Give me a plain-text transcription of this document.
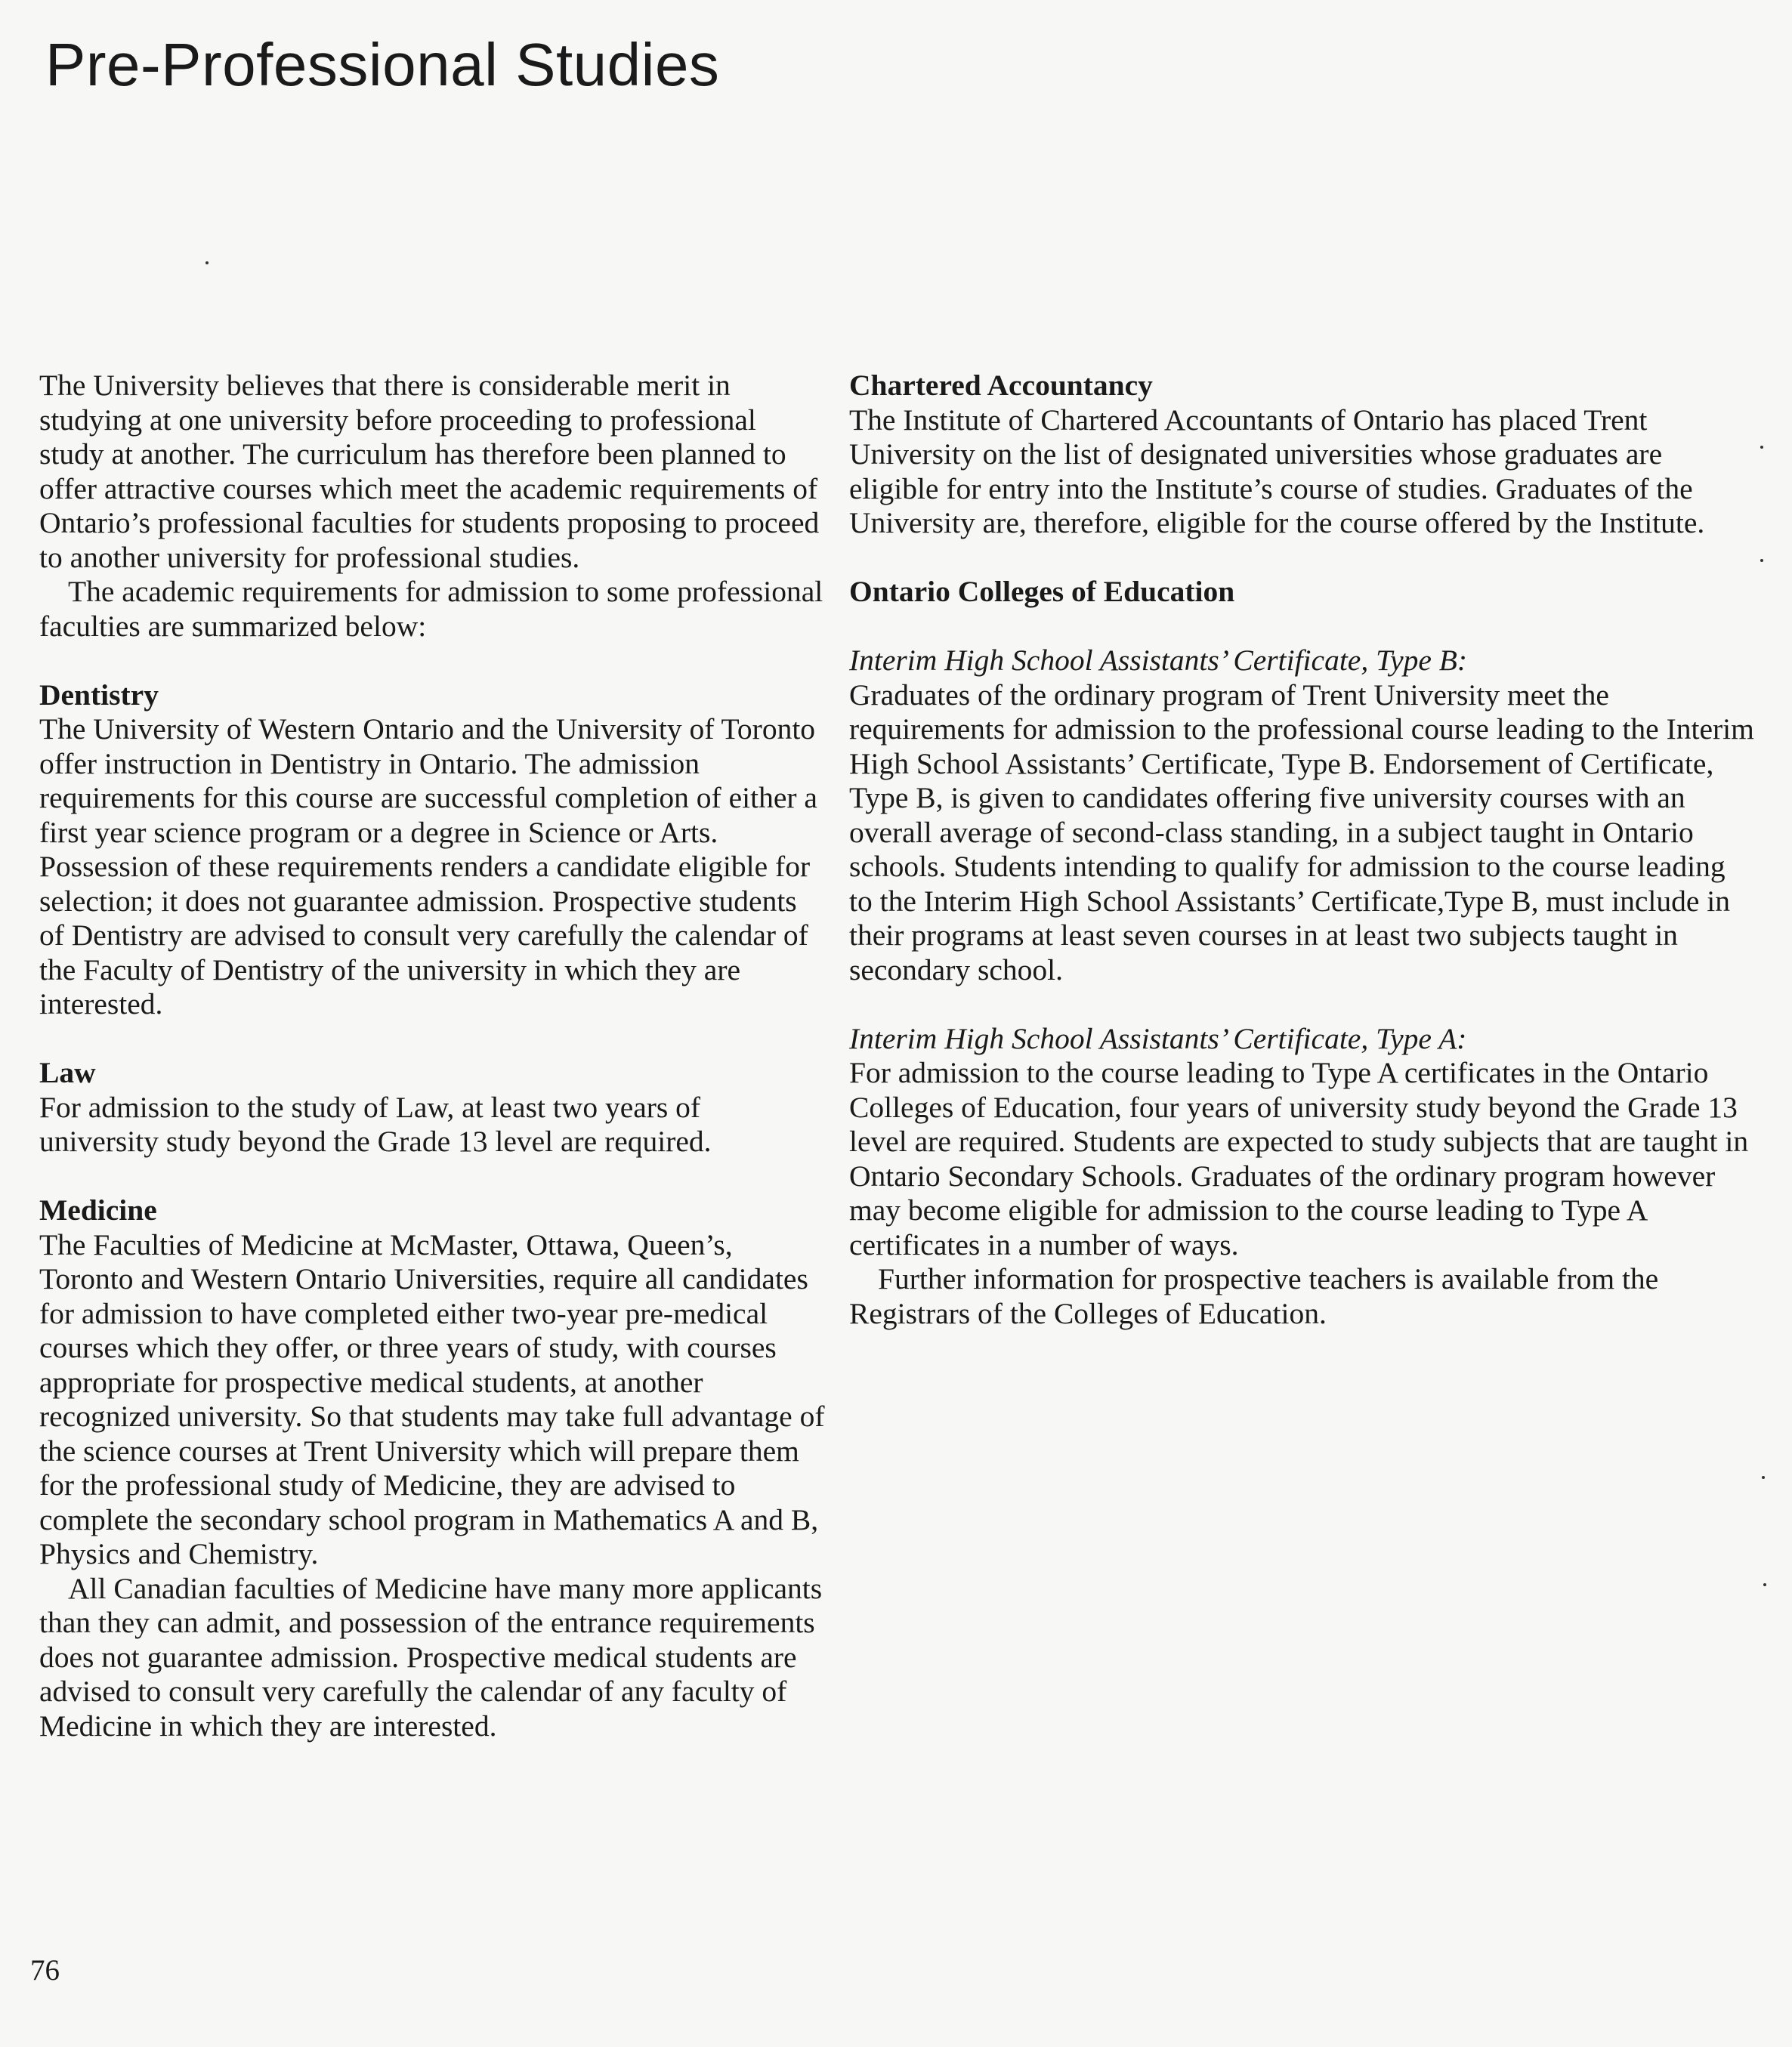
Pre-Professional Studies

The University believes that there is considerable merit in studying at one university before proceeding to professional study at another. The curriculum has therefore been planned to offer attractive courses which meet the academic requirements of Ontario’s professional faculties for students proposing to proceed to another university for professional studies.

The academic requirements for admission to some professional faculties are summarized below:

Dentistry

The University of Western Ontario and the University of Toronto offer instruction in Dentistry in Ontario. The admission requirements for this course are successful completion of either a first year science program or a degree in Science or Arts. Possession of these requirements renders a candidate eligible for selection; it does not guarantee admission. Prospective students of Dentistry are advised to consult very carefully the calendar of the Faculty of Dentistry of the university in which they are interested.

Law

For admission to the study of Law, at least two years of university study beyond the Grade 13 level are required.

Medicine

The Faculties of Medicine at McMaster, Ottawa, Queen’s, Toronto and Western Ontario Universities, require all candidates for admission to have completed either two-year pre-medical courses which they offer, or three years of study, with courses appropriate for prospective medical students, at another recognized university. So that students may take full advantage of the science courses at Trent University which will prepare them for the professional study of Medicine, they are advised to complete the secondary school program in Mathematics A and B, Physics and Chemistry.

All Canadian faculties of Medicine have many more applicants than they can admit, and possession of the entrance requirements does not guarantee admission. Prospective medical students are advised to consult very carefully the calendar of any faculty of Medicine in which they are interested.

Chartered Accountancy

The Institute of Chartered Accountants of Ontario has placed Trent University on the list of designated universities whose graduates are eligible for entry into the Institute’s course of studies. Graduates of the University are, therefore, eligible for the course offered by the Institute.

Ontario Colleges of Education
Interim High School Assistants’ Certificate, Type B:

Graduates of the ordinary program of Trent University meet the requirements for admission to the professional course leading to the Interim High School Assistants’ Certificate, Type B. Endorsement of Certificate, Type B, is given to candidates offering five university courses with an overall average of second-class standing, in a subject taught in Ontario schools. Students intending to qualify for admission to the course leading to the Interim High School Assistants’ Certificate,Type B, must include in their programs at least seven courses in at least two subjects taught in secondary school.

Interim High School Assistants’ Certificate, Type A:

For admission to the course leading to Type A certificates in the Ontario Colleges of Education, four years of university study beyond the Grade 13 level are required. Students are expected to study subjects that are taught in Ontario Secondary Schools. Graduates of the ordinary program however may become eligible for admission to the course leading to Type A certificates in a number of ways.

Further information for prospective teachers is available from the Registrars of the Colleges of Education.

76
